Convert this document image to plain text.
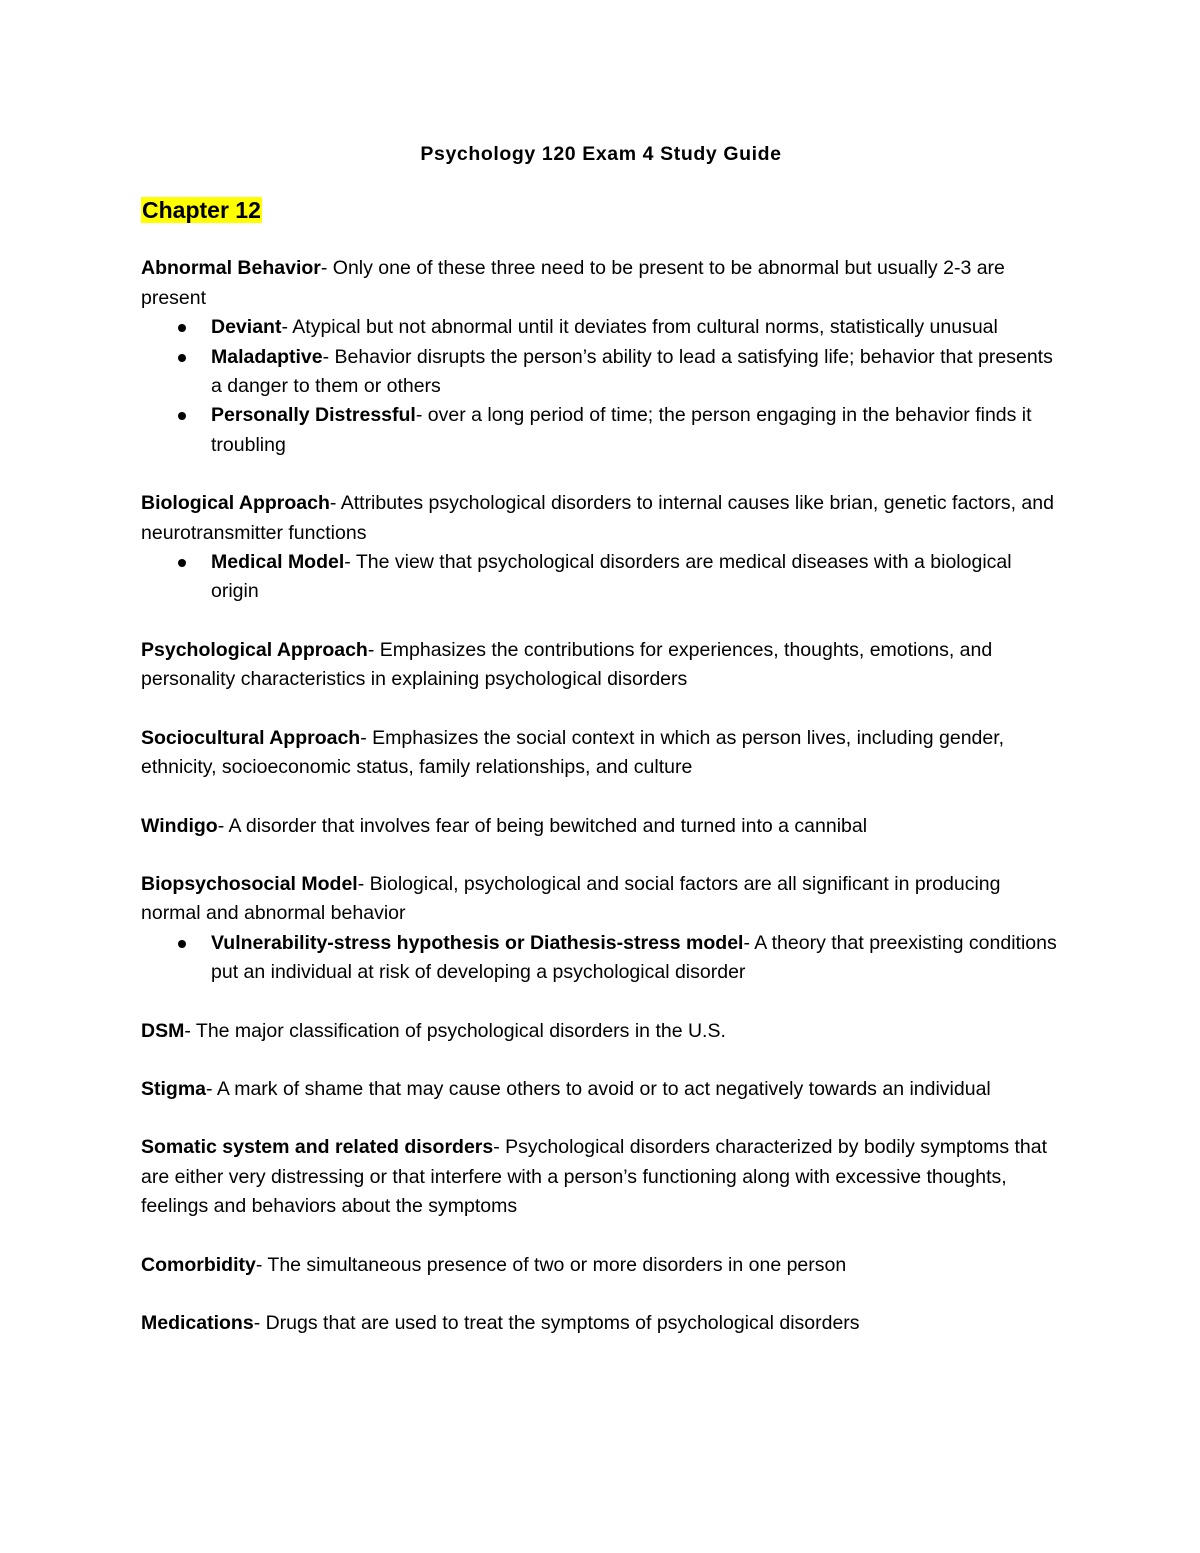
Psychology 120 Exam 4 Study Guide
Chapter 12
Abnormal Behavior- Only one of these three need to be present to be abnormal but usually 2-3 are present
Deviant- Atypical but not abnormal until it deviates from cultural norms, statistically unusual
Maladaptive- Behavior disrupts the person’s ability to lead a satisfying life; behavior that presents a danger to them or others
Personally Distressful- over a long period of time; the person engaging in the behavior finds it troubling
Biological Approach- Attributes psychological disorders to internal causes like brian, genetic factors, and neurotransmitter functions
Medical Model- The view that psychological disorders are medical diseases with a biological origin
Psychological Approach- Emphasizes the contributions for experiences, thoughts, emotions, and personality characteristics in explaining psychological disorders
Sociocultural Approach- Emphasizes the social context in which as person lives, including gender, ethnicity, socioeconomic status, family relationships, and culture
Windigo- A disorder that involves fear of being bewitched and turned into a cannibal
Biopsychosocial Model- Biological, psychological and social factors are all significant in producing normal and abnormal behavior
Vulnerability-stress hypothesis or Diathesis-stress model- A theory that preexisting conditions put an individual at risk of developing a psychological disorder
DSM- The major classification of psychological disorders in the U.S.
Stigma- A mark of shame that may cause others to avoid or to act negatively towards an individual
Somatic system and related disorders- Psychological disorders characterized by bodily symptoms that are either very distressing or that interfere with a person’s functioning along with excessive thoughts, feelings and behaviors about the symptoms
Comorbidity- The simultaneous presence of two or more disorders in one person
Medications- Drugs that are used to treat the symptoms of psychological disorders
